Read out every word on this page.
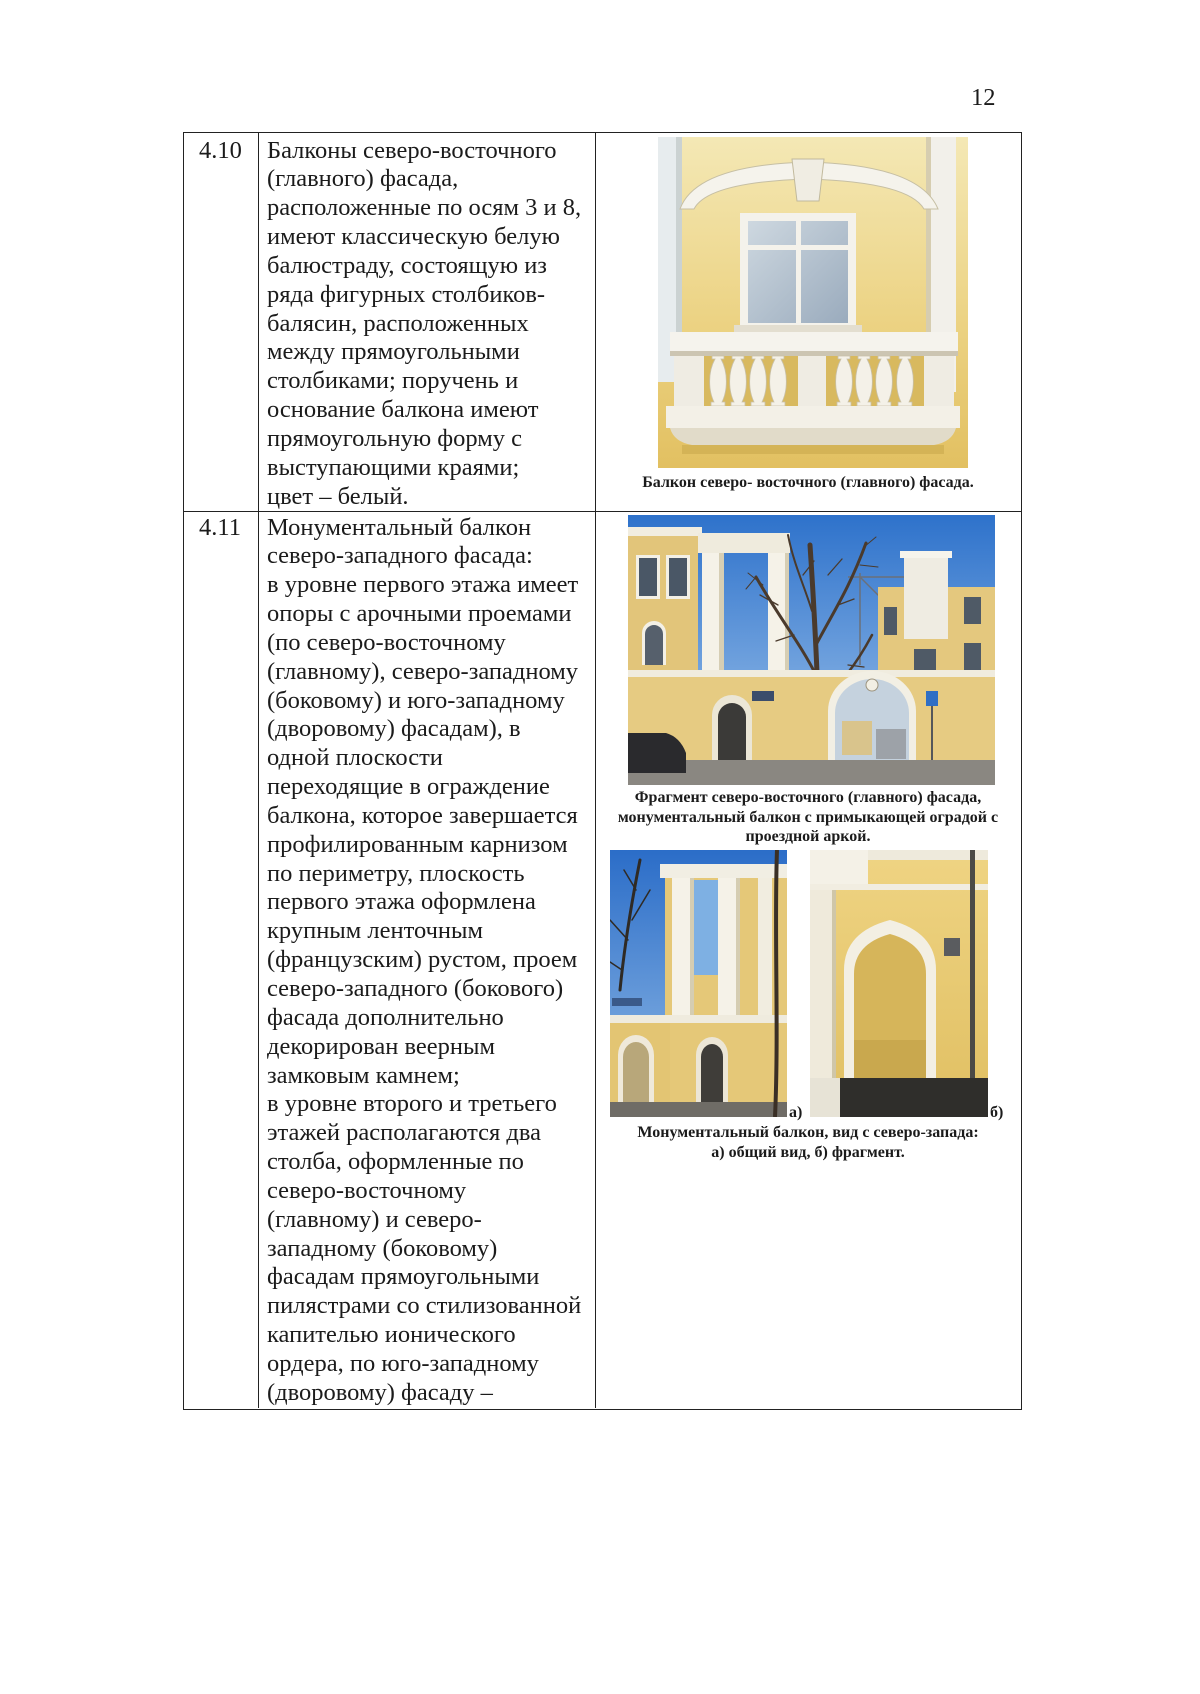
12
4.10 Балконы северо-восточного
(главного) фасада,
расположенные по осям 3 и 8,
имеют классическую белую
балюстраду, состоящую из
ряда фигурных столбиков-
балясин, расположенных
между прямоугольными
столбиками; поручень и
основание балкона имеют
прямоугольную форму с
выступающими краями;
цвет – белый.
Балкон северо- восточного (главного) фасада.
4.11 Монументальный балкон
северо-западного фасада:
в уровне первого этажа имеет
опоры с арочными проемами
(по северо-восточному
(главному), северо-западному
(боковому) и юго-западному
(дворовому) фасадам), в
одной плоскости
переходящие в ограждение
балкона, которое завершается
профилированным карнизом
по периметру, плоскость
первого этажа оформлена
крупным ленточным
(французским) рустом, проем
северо-западного (бокового)
фасада дополнительно
декорирован веерным
замковым камнем;
в уровне второго и третьего
этажей располагаются два
столба, оформленные по
северо-восточному
(главному) и северо-
западному (боковому)
фасадам прямоугольными
пилястрами со стилизованной
капителью ионического
ордера, по юго-западному
(дворовому) фасаду –
Фрагмент северо-восточного (главного) фасада,
монументальный балкон с примыкающей оградой с
проездной аркой.
а)	б)
Монументальный балкон, вид с северо-запада:
а) общий вид, б) фрагмент.
